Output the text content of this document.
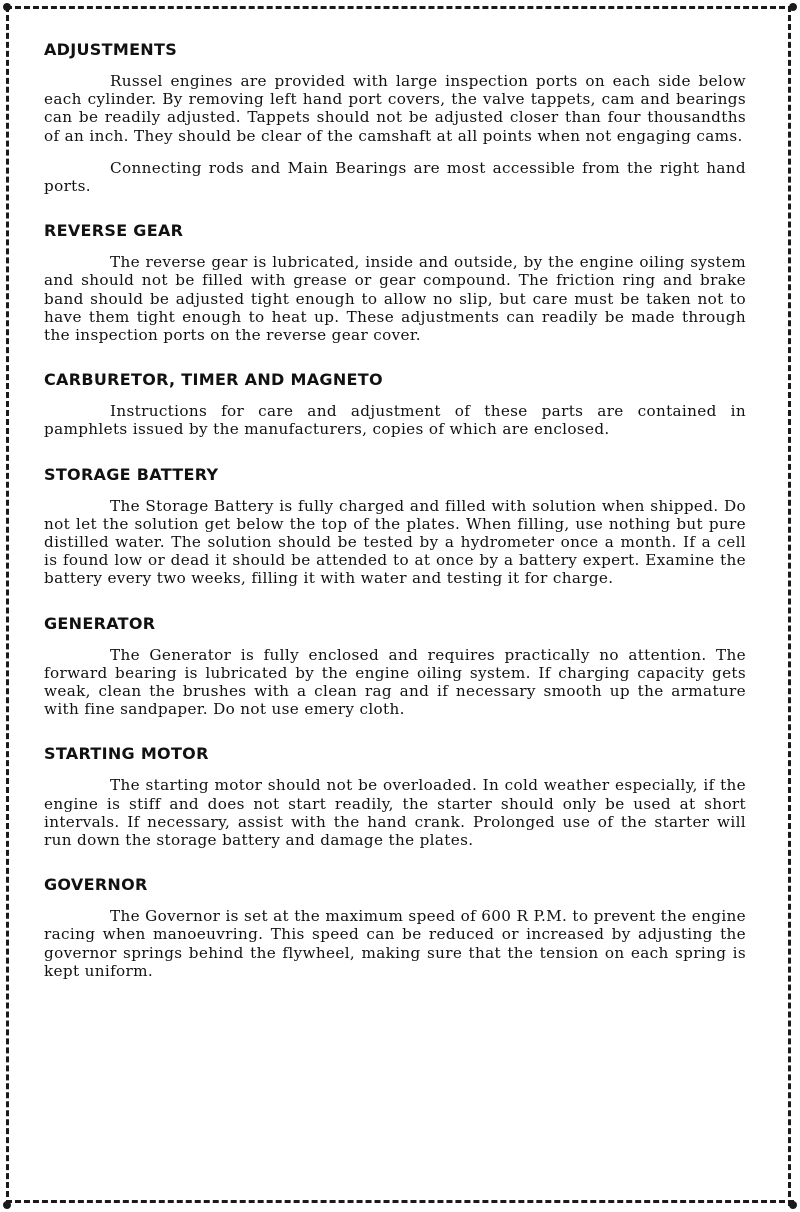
ADJUSTMENTS

Russel engines are provided with large inspection ports on each side below each cylinder. By removing left hand port covers, the valve tappets, cam and bearings can be readily adjusted. Tappets should not be adjusted closer than four thousandths of an inch. They should be clear of the camshaft at all points when not engaging cams.

Connecting rods and Main Bearings are most accessible from the right hand ports.

REVERSE GEAR

The reverse gear is lubricated, inside and outside, by the engine oiling system and should not be filled with grease or gear compound. The friction ring and brake band should be adjusted tight enough to allow no slip, but care must be taken not to have them tight enough to heat up. These adjustments can readily be made through the inspection ports on the reverse gear cover.

CARBURETOR, TIMER AND MAGNETO

Instructions for care and adjustment of these parts are contained in pamphlets issued by the manufacturers, copies of which are enclosed.

STORAGE BATTERY

The Storage Battery is fully charged and filled with solution when shipped. Do not let the solution get below the top of the plates. When filling, use nothing but pure distilled water. The solution should be tested by a hydrometer once a month. If a cell is found low or dead it should be attended to at once by a battery expert. Examine the battery every two weeks, filling it with water and testing it for charge.

GENERATOR

The Generator is fully enclosed and requires practically no attention. The forward bearing is lubricated by the engine oiling system. If charging capacity gets weak, clean the brushes with a clean rag and if necessary smooth up the armature with fine sandpaper. Do not use emery cloth.

STARTING MOTOR

The starting motor should not be overloaded. In cold weather especially, if the engine is stiff and does not start readily, the starter should only be used at short intervals. If necessary, assist with the hand crank. Prolonged use of the starter will run down the storage battery and damage the plates.

GOVERNOR

The Governor is set at the maximum speed of 600 R P.M. to prevent the engine racing when manoeuvring. This speed can be reduced or increased by adjusting the governor springs behind the flywheel, making sure that the tension on each spring is kept uniform.
